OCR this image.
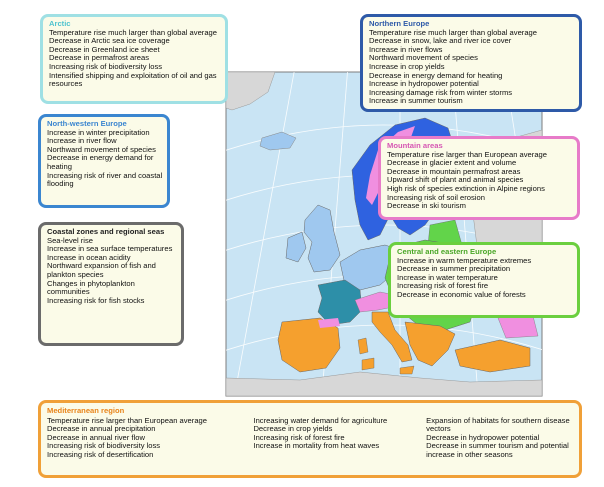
Arctic
Temperature rise much larger than global average
Decrease in Arctic sea ice coverage
Decrease in Greenland ice sheet
Decrease in permafrost areas
Increasing risk of biodiversity loss
Intensified shipping and exploitation of oil and gas resources
Northern Europe
Temperature rise much larger than global average
Decrease in snow, lake and river ice cover
Increase in river flows
Northward movement of species
Increase in crop yields
Decrease in energy demand for heating
Increase in hydropower potential
Increasing damage risk from winter storms
Increase in summer tourism
North-western Europe
Increase in winter precipitation
Increase in river flow
Northward movement of species
Decrease in energy demand for heating
Increasing risk of river and coastal flooding
Mountain areas
Temperature rise larger than European average
Decrease in glacier extent and volume
Decrease in mountain permafrost areas
Upward shift of plant and animal species
High risk of species extinction in Alpine regions
Increasing risk of soil erosion
Decrease in ski tourism
Coastal zones and regional seas
Sea-level rise
Increase in sea surface temperatures
Increase in ocean acidity
Northward expansion of fish and plankton species
Changes in phytoplankton communities
Increasing risk for fish stocks
Central and eastern Europe
Increase in warm temperature extremes
Decrease in summer precipitation
Increase in water temperature
Increasing risk of forest fire
Decrease in economic value of forests
Mediterranean region
Temperature rise larger than European average
Decrease in annual precipitation
Decrease in annual river flow
Increasing risk of biodiversity loss
Increasing risk of desertification
Increasing water demand for agriculture
Decrease in crop yields
Increasing risk of forest fire
Increase in mortality from heat waves
Expansion of habitats for southern disease vectors
Decrease in hydropower potential
Decrease in summer tourism and potential increase in other seasons
